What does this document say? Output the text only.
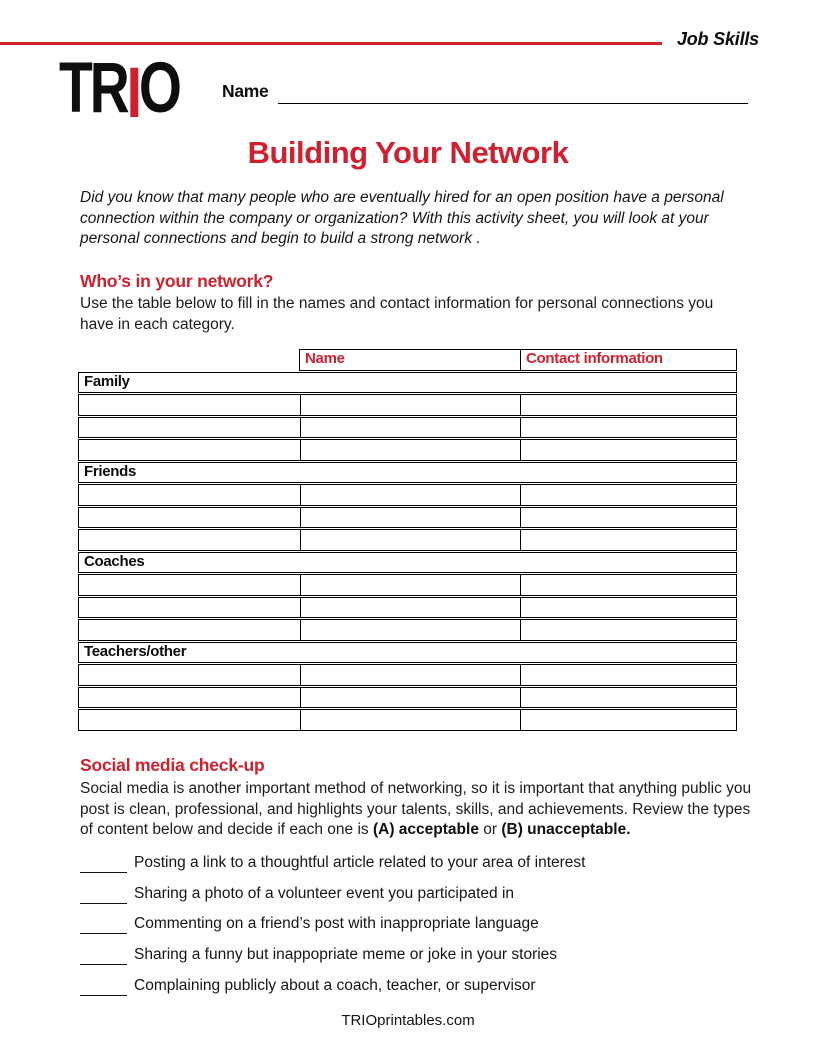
Job Skills
TRIO Name
Building Your Network

Did you know that many people who are eventually hired for an open position have a personal connection within the company or organization? With this activity sheet, you will look at your personal connections and begin to build a strong network .

Who’s in your network?

Use the table below to fill in the names and contact information for personal connections you have in each category.

Name	Contact information
Family
Friends
Coaches
Teachers/other
Social media check-up

Social media is another important method of networking, so it is important that anything public you post is clean, professional, and highlights your talents, skills, and achievements. Review the types of content below and decide if each one is (A) acceptable or (B) unacceptable.

Posting a link to a thoughtful article related to your area of interest
Sharing a photo of a volunteer event you participated in
Commenting on a friend’s post with inappropriate language
Sharing a funny but inappopriate meme or joke in your stories
Complaining publicly about a coach, teacher, or supervisor
TRIOprintables.com
